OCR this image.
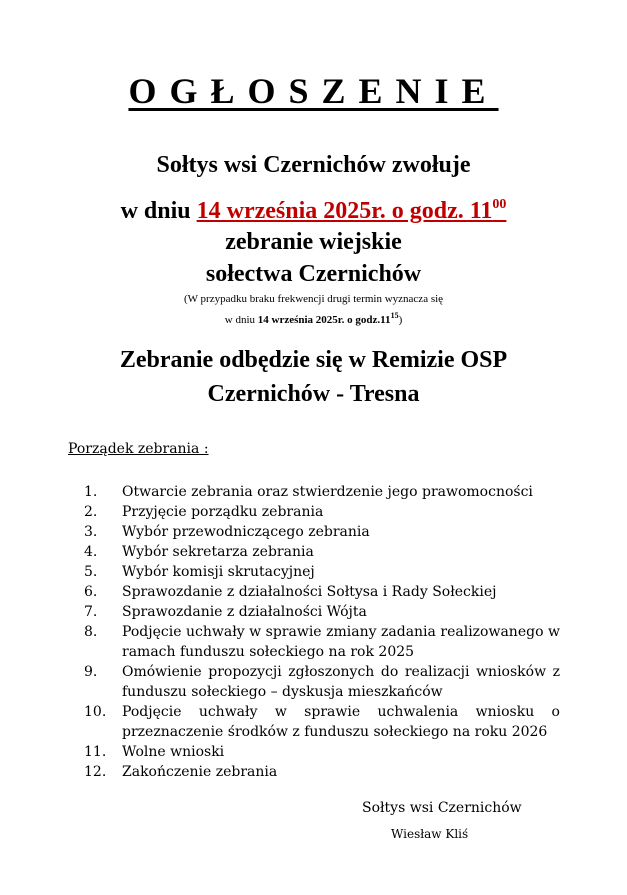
OGŁOSZENIE

Sołtys wsi Czernichów zwołuje

w dniu 14 września 2025r. o godz. $11^{00}$

zebranie wiejskie

sołectwa Czernichów

(W przypadku braku frekwencji drugi termin wyznacza się

w dniu 14 września 2025r. o $godz.11^{15}$)

Zebranie odbędzie się w Remizie OSP

Czernichów - Tresna

Porządek zebrania :

1.	Otwarcie zebrania oraz stwierdzenie jego prawomocności
2.	Przyjęcie porządku zebrania
3.	Wybór przewodniczącego zebrania
4.	Wybór sekretarza zebrania
5.	Wybór komisji skrutacyjnej
6.	Sprawozdanie z działalności Sołtysa i Rady Sołeckiej
7.	Sprawozdanie z działalności Wójta
8.	Podjęcie uchwały w sprawie zmiany zadania realizowanego w ramach funduszu sołeckiego na rok 2025
9.	Omówienie propozycji zgłoszonych do realizacji wniosków z funduszu sołeckiego – dyskusja mieszkańców
10.	Podjęcie uchwały w sprawie uchwalenia wniosku o przeznaczenie środków z funduszu sołeckiego na roku 2026
11.	Wolne wnioski
12.	Zakończenie zebrania

Sołtys wsi Czernichów

Wiesław Kliś
